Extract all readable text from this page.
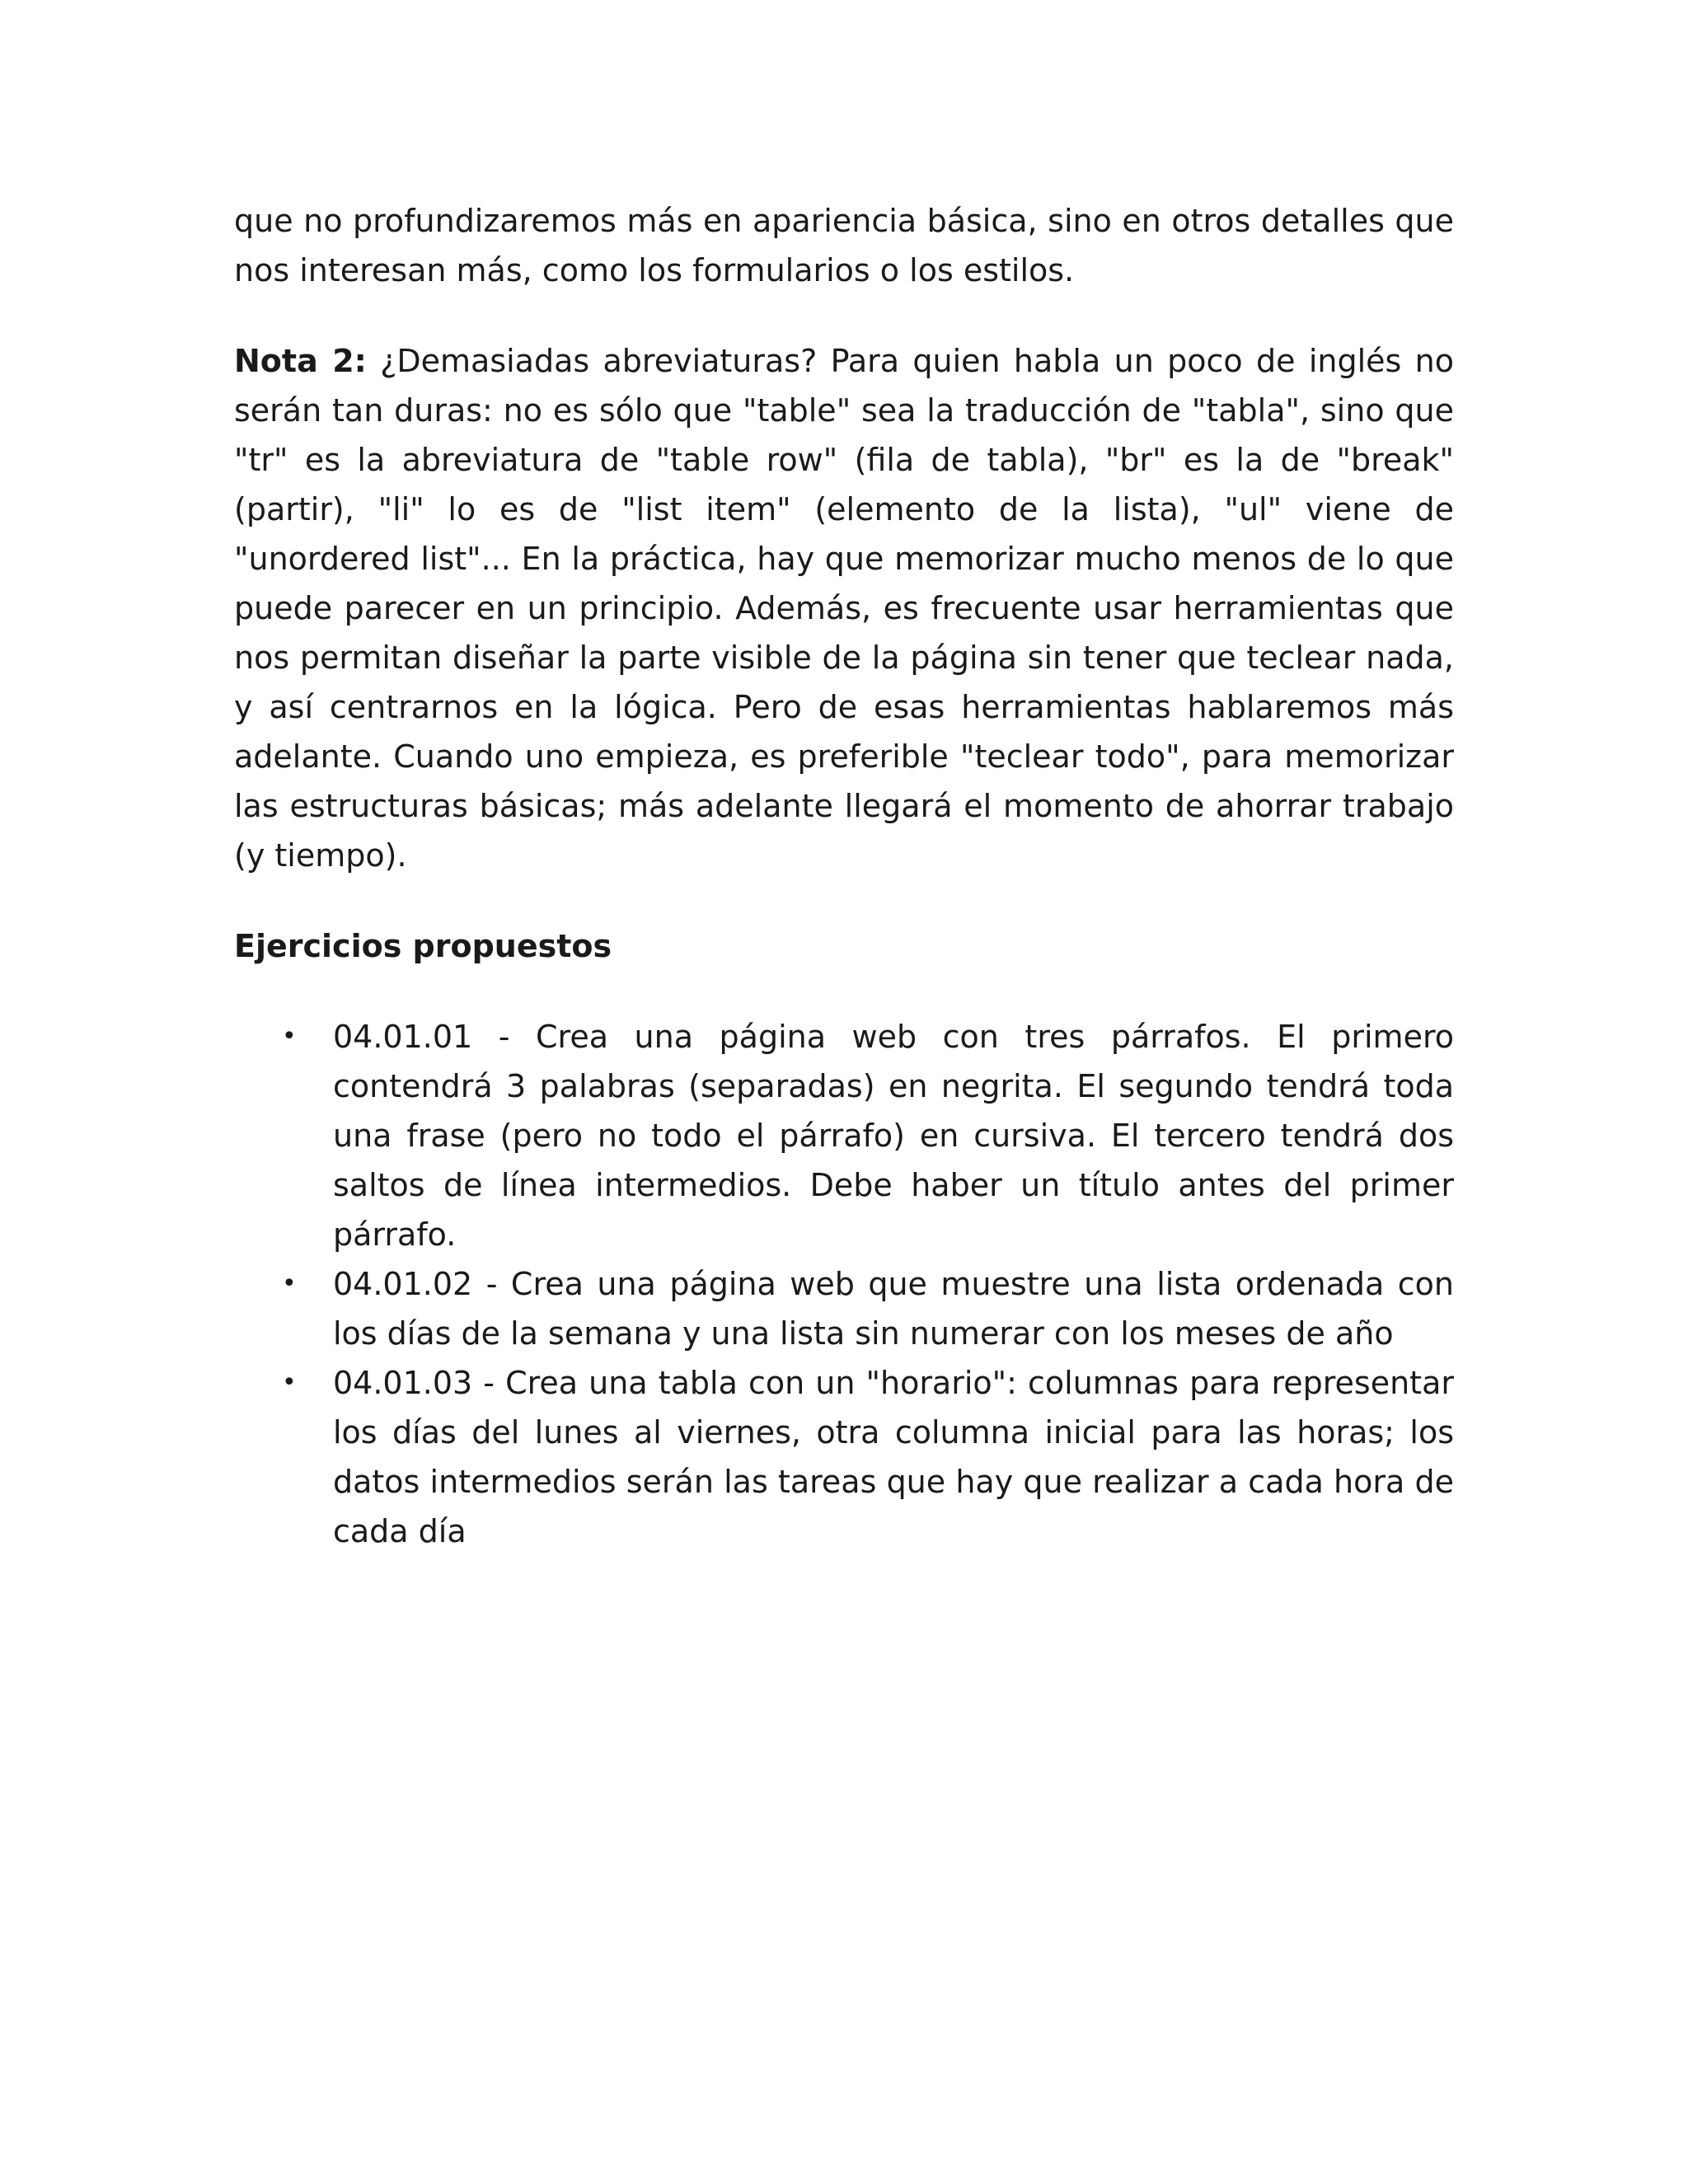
que no profundizaremos más en apariencia básica, sino en otros detalles que nos interesan más, como los formularios o los estilos.

Nota 2: ¿Demasiadas abreviaturas? Para quien habla un poco de inglés no serán tan duras: no es sólo que "table" sea la traducción de "tabla", sino que "tr" es la abreviatura de "table row" (fila de tabla), "br" es la de "break" (partir), "li" lo es de "list item" (elemento de la lista), "ul" viene de "unordered list"... En la práctica, hay que memorizar mucho menos de lo que puede parecer en un principio. Además, es frecuente usar herramientas que nos permitan diseñar la parte visible de la página sin tener que teclear nada, y así centrarnos en la lógica. Pero de esas herramientas hablaremos más adelante. Cuando uno empieza, es preferible "teclear todo", para memorizar las estructuras básicas; más adelante llegará el momento de ahorrar trabajo (y tiempo).

Ejercicios propuestos

• 04.01.01 - Crea una página web con tres párrafos. El primero contendrá 3 palabras (separadas) en negrita. El segundo tendrá toda una frase (pero no todo el párrafo) en cursiva. El tercero tendrá dos saltos de línea intermedios. Debe haber un título antes del primer párrafo.
• 04.01.02 - Crea una página web que muestre una lista ordenada con los días de la semana y una lista sin numerar con los meses de año
• 04.01.03 - Crea una tabla con un "horario": columnas para representar los días del lunes al viernes, otra columna inicial para las horas; los datos intermedios serán las tareas que hay que realizar a cada hora de cada día
